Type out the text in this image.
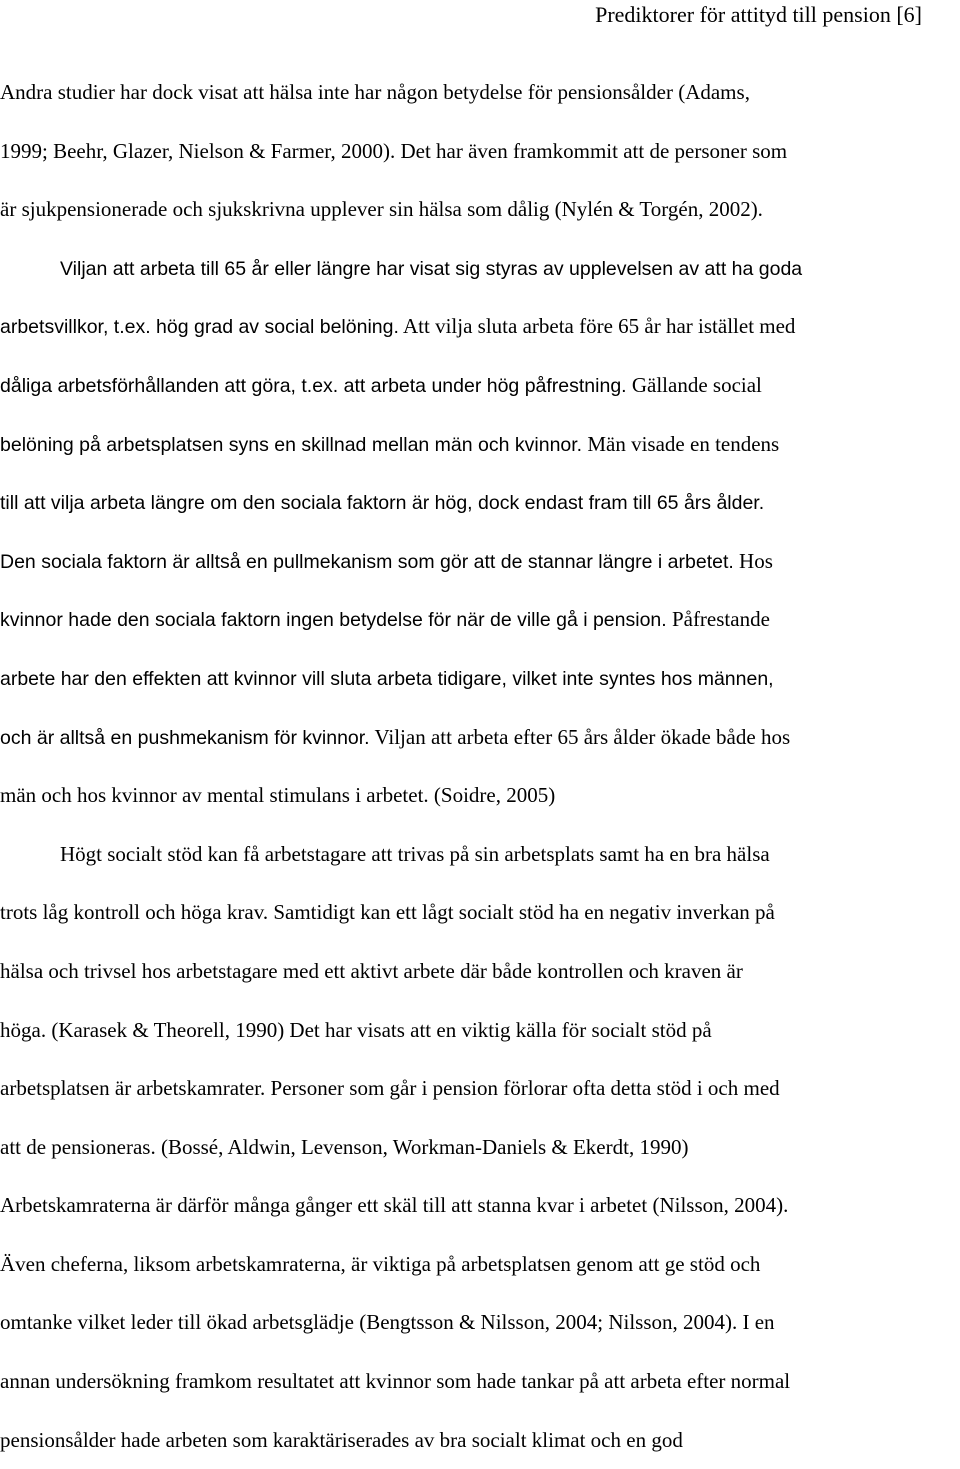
Prediktorer för attityd till pension [6]
Andra studier har dock visat att hälsa inte har någon betydelse för pensionsålder (Adams,
1999; Beehr, Glazer, Nielson & Farmer, 2000). Det har även framkommit att de personer som
är sjukpensionerade och sjukskrivna upplever sin hälsa som dålig (Nylén & Torgén, 2002).
Viljan att arbeta till 65 år eller längre har visat sig styras av upplevelsen av att ha goda
arbetsvillkor, t.ex. hög grad av social belöning. Att vilja sluta arbeta före 65 år har istället med
dåliga arbetsförhållanden att göra, t.ex. att arbeta under hög påfrestning. Gällande social
belöning på arbetsplatsen syns en skillnad mellan män och kvinnor. Män visade en tendens
till att vilja arbeta längre om den sociala faktorn är hög, dock endast fram till 65 års ålder.
Den sociala faktorn är alltså en pullmekanism som gör att de stannar längre i arbetet. Hos
kvinnor hade den sociala faktorn ingen betydelse för när de ville gå i pension. Påfrestande
arbete har den effekten att kvinnor vill sluta arbeta tidigare, vilket inte syntes hos männen,
och är alltså en pushmekanism för kvinnor. Viljan att arbeta efter 65 års ålder ökade både hos
män och hos kvinnor av mental stimulans i arbetet. (Soidre, 2005)
Högt socialt stöd kan få arbetstagare att trivas på sin arbetsplats samt ha en bra hälsa
trots låg kontroll och höga krav. Samtidigt kan ett lågt socialt stöd ha en negativ inverkan på
hälsa och trivsel hos arbetstagare med ett aktivt arbete där både kontrollen och kraven är
höga. (Karasek & Theorell, 1990) Det har visats att en viktig källa för socialt stöd på
arbetsplatsen är arbetskamrater. Personer som går i pension förlorar ofta detta stöd i och med
att de pensioneras. (Bossé, Aldwin, Levenson, Workman-Daniels & Ekerdt, 1990)
Arbetskamraterna är därför många gånger ett skäl till att stanna kvar i arbetet (Nilsson, 2004).
Även cheferna, liksom arbetskamraterna, är viktiga på arbetsplatsen genom att ge stöd och
omtanke vilket leder till ökad arbetsglädje (Bengtsson & Nilsson, 2004; Nilsson, 2004). I en
annan undersökning framkom resultatet att kvinnor som hade tankar på att arbeta efter normal
pensionsålder hade arbeten som karaktäriserades av bra socialt klimat och en god
